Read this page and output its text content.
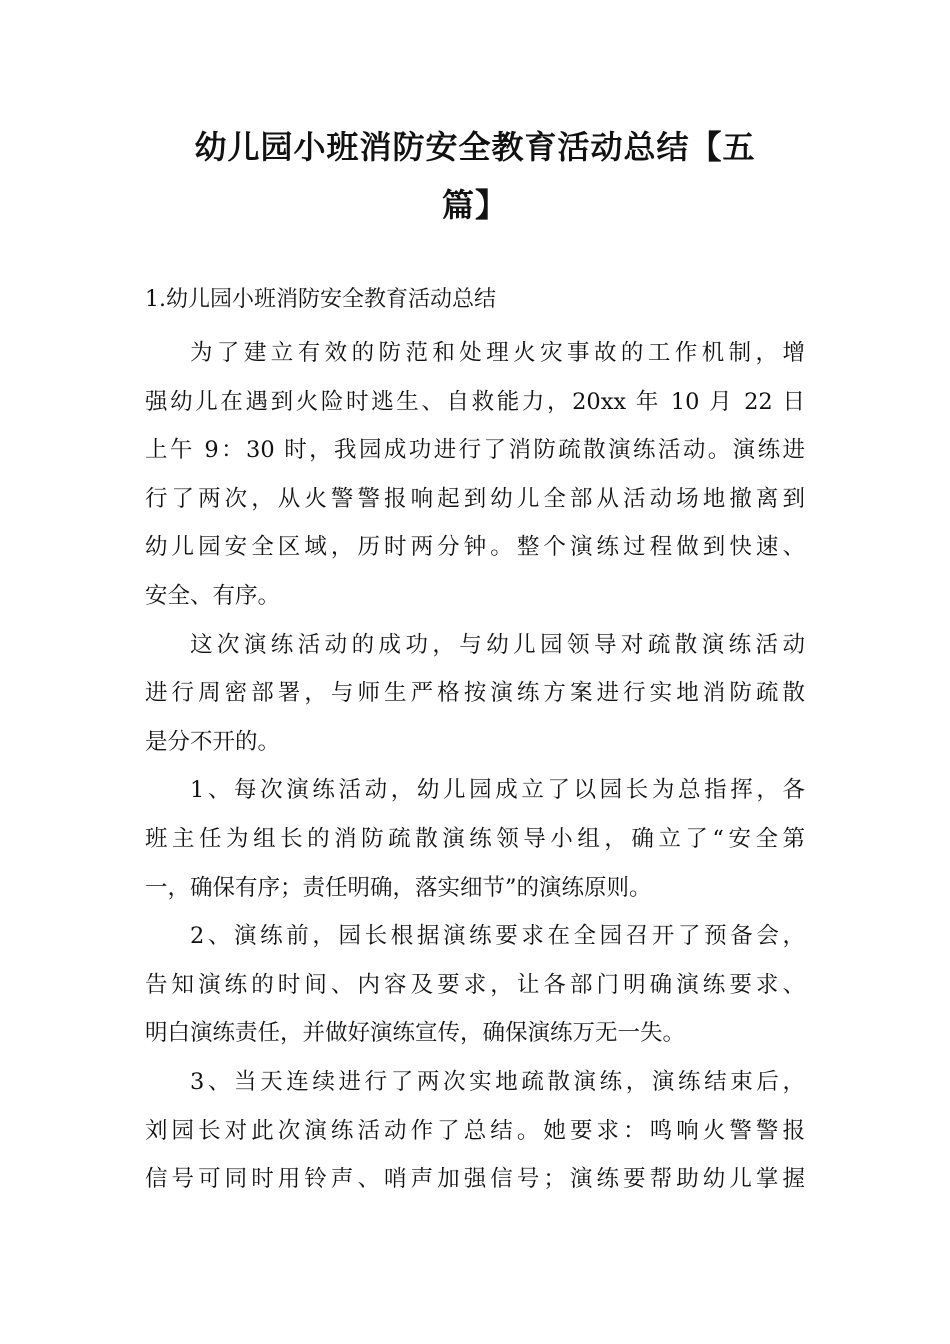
幼儿园小班消防安全教育活动总结【五
篇】
1.幼儿园小班消防安全教育活动总结
为了建立有效的防范和处理火灾事故的工作机制，增
强幼儿在遇到火险时逃生、自救能力，20xx 年 10 月 22 日
上午 9：30 时，我园成功进行了消防疏散演练活动。演练进
行了两次，从火警警报响起到幼儿全部从活动场地撤离到
幼儿园安全区域，历时两分钟。整个演练过程做到快速、
安全、有序。
这次演练活动的成功，与幼儿园领导对疏散演练活动
进行周密部署，与师生严格按演练方案进行实地消防疏散
是分不开的。
1、每次演练活动，幼儿园成立了以园长为总指挥，各
班主任为组长的消防疏散演练领导小组，确立了“安全第
一，确保有序；责任明确，落实细节”的演练原则。
2、演练前，园长根据演练要求在全园召开了预备会，
告知演练的时间、内容及要求，让各部门明确演练要求、
明白演练责任，并做好演练宣传，确保演练万无一失。
3、当天连续进行了两次实地疏散演练，演练结束后，
刘园长对此次演练活动作了总结。她要求：鸣响火警警报
信号可同时用铃声、哨声加强信号；演练要帮助幼儿掌握
